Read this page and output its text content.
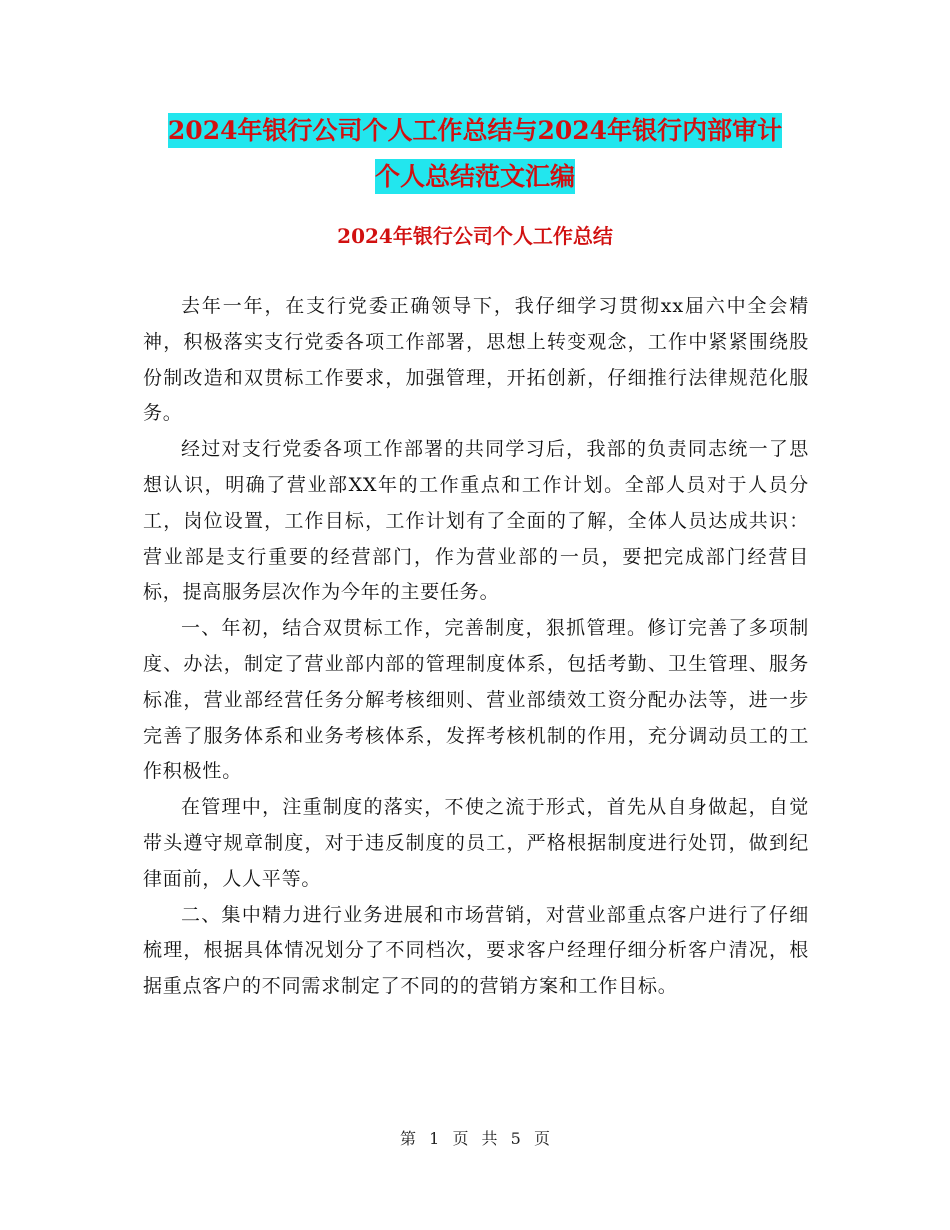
2024年银行公司个人工作总结与2024年银行内部审计
个人总结范文汇编
2024年银行公司个人工作总结

去年一年，在支行党委正确领导下，我仔细学习贯彻xx届六中全会精神，积极落实支行党委各项工作部署，思想上转变观念，工作中紧紧围绕股份制改造和双贯标工作要求，加强管理，开拓创新，仔细推行法律规范化服务。

经过对支行党委各项工作部署的共同学习后，我部的负责同志统一了思想认识，明确了营业部XX年的工作重点和工作计划。全部人员对于人员分工，岗位设置，工作目标，工作计划有了全面的了解，全体人员达成共识：营业部是支行重要的经营部门，作为营业部的一员，要把完成部门经营目标，提高服务层次作为今年的主要任务。

一、年初，结合双贯标工作，完善制度，狠抓管理。修订完善了多项制度、办法，制定了营业部内部的管理制度体系，包括考勤、卫生管理、服务标准，营业部经营任务分解考核细则、营业部绩效工资分配办法等，进一步完善了服务体系和业务考核体系，发挥考核机制的作用，充分调动员工的工作积极性。

在管理中，注重制度的落实，不使之流于形式，首先从自身做起，自觉带头遵守规章制度，对于违反制度的员工，严格根据制度进行处罚，做到纪律面前，人人平等。

二、集中精力进行业务进展和市场营销，对营业部重点客户进行了仔细梳理，根据具体情况划分了不同档次，要求客户经理仔细分析客户清况，根据重点客户的不同需求制定了不同的的营销方案和工作目标。

第 1 页 共 5 页
